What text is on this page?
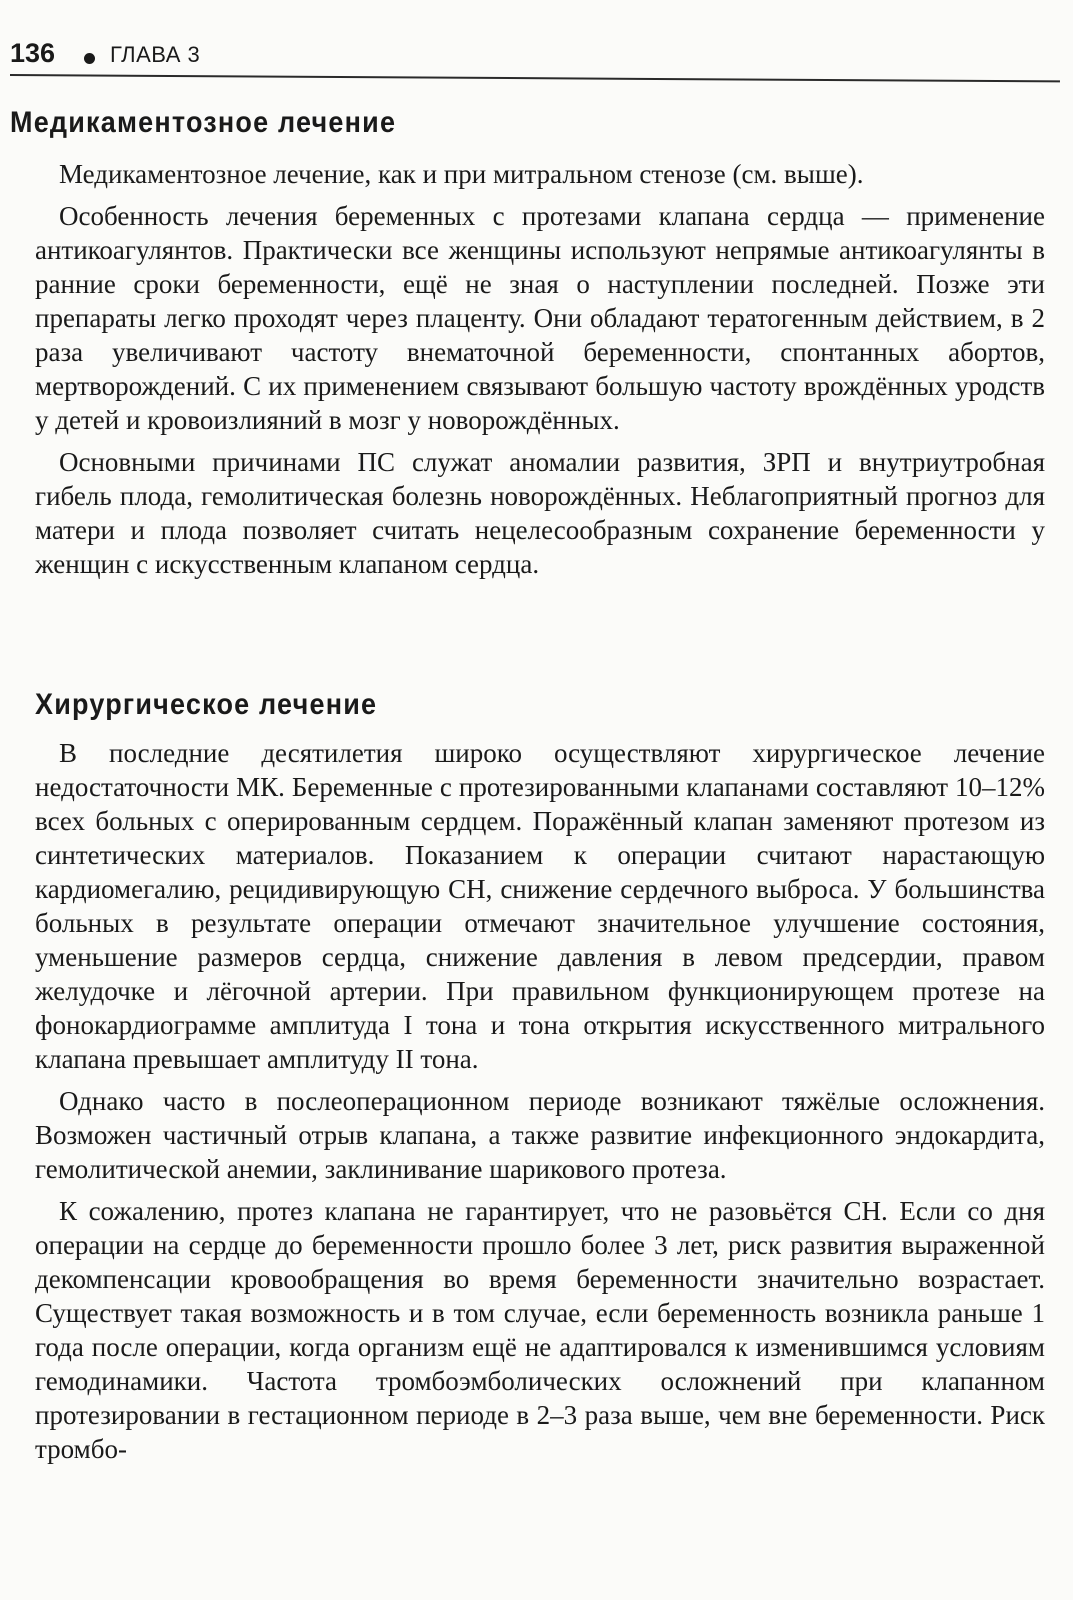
136 ГЛАВА 3
Медикаментозное лечение

Медикаментозное лечение, как и при митральном стенозе (см. выше).

Особенность лечения беременных с протезами клапана сердца — применение антикоагулянтов. Практически все женщины используют непрямые антикоагулянты в ранние сроки беременности, ещё не зная о наступлении последней. Позже эти препараты легко проходят через плаценту. Они обладают тератогенным действием, в 2 раза увеличивают частоту внематочной беременности, спонтанных абортов, мертворождений. С их применением связывают большую частоту врождённых уродств у детей и кровоизлияний в мозг у новорождённых.

Основными причинами ПС служат аномалии развития, ЗРП и внутриутробная гибель плода, гемолитическая болезнь новорождённых. Неблагоприятный прогноз для матери и плода позволяет считать нецелесообразным сохранение беременности у женщин с искусственным клапаном сердца.

Хирургическое лечение

В последние десятилетия широко осуществляют хирургическое лечение недостаточности МК. Беременные с протезированными клапанами составляют 10–12% всех больных с оперированным сердцем. Поражённый клапан заменяют протезом из синтетических материалов. Показанием к операции считают нарастающую кардиомегалию, рецидивирующую СН, снижение сердечного выброса. У большинства больных в результате операции отмечают значительное улучшение состояния, уменьшение размеров сердца, снижение давления в левом предсердии, правом желудочке и лёгочной артерии. При правильном функционирующем протезе на фонокардиограмме амплитуда I тона и тона открытия искусственного митрального клапана превышает амплитуду II тона.

Однако часто в послеоперационном периоде возникают тяжёлые осложнения. Возможен частичный отрыв клапана, а также развитие инфекционного эндокардита, гемолитической анемии, заклинивание шарикового протеза.

К сожалению, протез клапана не гарантирует, что не разовьётся СН. Если со дня операции на сердце до беременности прошло более 3 лет, риск развития выраженной декомпенсации кровообращения во время беременности значительно возрастает. Существует такая возможность и в том случае, если беременность возникла раньше 1 года после операции, когда организм ещё не адаптировался к изменившимся условиям гемодинамики. Частота тромбоэмболических осложнений при клапанном протезировании в гестационном периоде в 2–3 раза выше, чем вне беременности. Риск тромбо-
